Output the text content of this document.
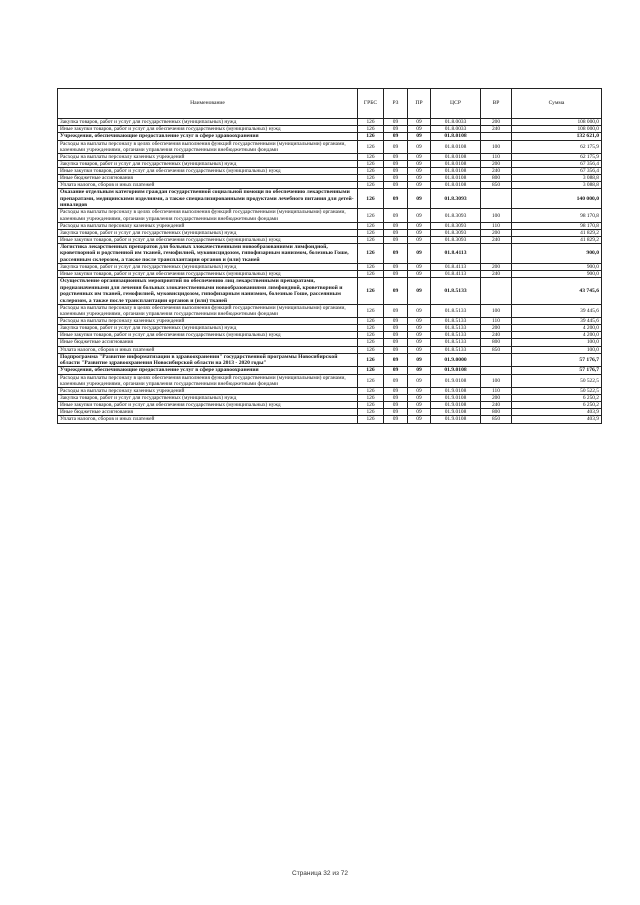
Наименование	ГРБС	РЗ	ПР	ЦСР	ВР	Сумма
Закупка товаров, работ и услуг для государственных (муниципальных) нужд	126	09	09	01.8.0033	200	108 000,0
Иные закупки товаров, работ и услуг для обеспечения государственных (муниципальных) нужд	126	09	09	01.8.0033	240	108 000,0
Учреждения, обеспечивающие предоставление услуг в сфере здравоохранения	126	09	09	01.8.0108		132 621,0
Расходы на выплаты персоналу в целях обеспечения выполнения функций государственными (муниципальными) органами, казенными учреждениями, органами управления государственными внебюджетными фондами	126	09	09	01.8.0108	100	62 175,9
Расходы на выплаты персоналу казенных учреждений	126	09	09	01.8.0108	110	62 175,9
Закупка товаров, работ и услуг для государственных (муниципальных) нужд	126	09	09	01.8.0108	200	67 356,4
Иные закупки товаров, работ и услуг для обеспечения государственных (муниципальных) нужд	126	09	09	01.8.0108	240	67 356,4
Иные бюджетные ассигнования	126	09	09	01.8.0108	800	3 088,8
Уплата налогов, сборов и иных платежей	126	09	09	01.8.0108	850	3 088,8
Оказание отдельным категориям граждан государственной социальной помощи по обеспечению лекарственными препаратами, медицинскими изделиями, а также специализированными продуктами лечебного питания для детей-инвалидов	126	09	09	01.8.3093		140 000,0
Расходы на выплаты персоналу в целях обеспечения выполнения функций государственными (муниципальными) органами, казенными учреждениями, органами управления государственными внебюджетными фондами	126	09	09	01.8.3093	100	98 170,8
Расходы на выплаты персоналу казенных учреждений	126	09	09	01.8.3093	110	98 170,8
Закупка товаров, работ и услуг для государственных (муниципальных) нужд	126	09	09	01.8.3093	200	41 829,2
Иные закупки товаров, работ и услуг для обеспечения государственных (муниципальных) нужд	126	09	09	01.8.3093	240	41 829,2
Логистика лекарственных препаратов для больных злокачественными новообразованиями лимфоидной, кроветворной и родственной им тканей, гемофилией, муковисцидозом, гипофизарным нанизмом, болезнью Гоше, рассеянным склерозом, а также после трансплантации органов и (или) тканей	126	09	09	01.8.4113		900,0
Закупка товаров, работ и услуг для государственных (муниципальных) нужд	126	09	09	01.8.4113	200	900,0
Иные закупки товаров, работ и услуг для обеспечения государственных (муниципальных) нужд	126	09	09	01.8.4113	240	900,0
Осуществление организационных мероприятий по обеспечению лиц лекарственными препаратами, предназначенными для лечения больных злокачественными новообразованиями лимфоидной, кроветворной и родственных им тканей, гемофилией, муковисцидозом, гипофизарным нанизмом, болезнью Гоше, рассеянным склерозом, а также после трансплантации органов и (или) тканей	126	09	09	01.8.5133		43 745,6
Расходы на выплаты персоналу в целях обеспечения выполнения функций государственными (муниципальными) органами, казенными учреждениями, органами управления государственными внебюджетными фондами	126	09	09	01.8.5133	100	39 445,6
Расходы на выплаты персоналу казенных учреждений	126	09	09	01.8.5133	110	39 445,6
Закупка товаров, работ и услуг для государственных (муниципальных) нужд	126	09	09	01.8.5133	200	4 200,0
Иные закупки товаров, работ и услуг для обеспечения государственных (муниципальных) нужд	126	09	09	01.8.5133	240	4 200,0
Иные бюджетные ассигнования	126	09	09	01.8.5133	800	100,0
Уплата налогов, сборов и иных платежей	126	09	09	01.8.5133	850	100,0
Подпрограмма "Развитие информатизации в здравоохранении" государственной программы Новосибирской области "Развитие здравоохранения Новосибирской области на 2013 - 2020 годы"	126	09	09	01.9.0000		57 176,7
Учреждения, обеспечивающие предоставление услуг в сфере здравоохранения	126	09	09	01.9.0108		57 176,7
Расходы на выплаты персоналу в целях обеспечения выполнения функций государственными (муниципальными) органами, казенными учреждениями, органами управления государственными внебюджетными фондами	126	09	09	01.9.0108	100	50 522,5
Расходы на выплаты персоналу казенных учреждений	126	09	09	01.9.0108	110	50 522,5
Закупка товаров, работ и услуг для государственных (муниципальных) нужд	126	09	09	01.9.0108	200	6 250,2
Иные закупки товаров, работ и услуг для обеспечения государственных (муниципальных) нужд	126	09	09	01.9.0108	240	6 250,2
Иные бюджетные ассигнования	126	09	09	01.9.0108	800	403,9
Уплата налогов, сборов и иных платежей	126	09	09	01.9.0108	850	403,9
Страница 32 из 72
